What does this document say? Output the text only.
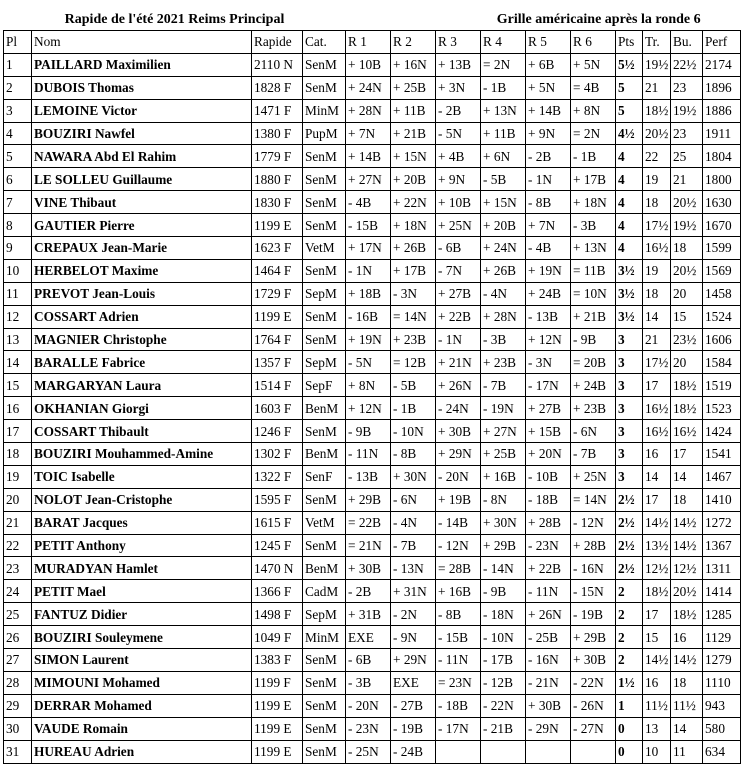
Rapide de l'été 2021 Reims Principal				Grille américaine après la ronde 6									
Pl	Nom	Rapide	Cat.	R 1	R 2	R 3	R 4	R 5	R 6	Pts	Tr.	Bu.	Perf
1	PAILLARD Maximilien	2110 N	SenM	+ 10B	+ 16N	+ 13B	= 2N	+ 6B	+ 5N	5½	19½	22½	2174
2	DUBOIS Thomas	1828 F	SenM	+ 24N	+ 25B	+ 3N	- 1B	+ 5N	= 4B	5	21	23	1896
3	LEMOINE Victor	1471 F	MinM	+ 28N	+ 11B	- 2B	+ 13N	+ 14B	+ 8N	5	18½	19½	1886
4	BOUZIRI Nawfel	1380 F	PupM	+ 7N	+ 21B	- 5N	+ 11B	+ 9N	= 2N	4½	20½	23	1911
5	NAWARA Abd El Rahim	1779 F	SenM	+ 14B	+ 15N	+ 4B	+ 6N	- 2B	- 1B	4	22	25	1804
6	LE SOLLEU Guillaume	1880 F	SenM	+ 27N	+ 20B	+ 9N	- 5B	- 1N	+ 17B	4	19	21	1800
7	VINE Thibaut	1830 F	SenM	- 4B	+ 22N	+ 10B	+ 15N	- 8B	+ 18N	4	18	20½	1630
8	GAUTIER Pierre	1199 E	SenM	- 15B	+ 18N	+ 25N	+ 20B	+ 7N	- 3B	4	17½	19½	1670
9	CREPAUX Jean-Marie	1623 F	VetM	+ 17N	+ 26B	- 6B	+ 24N	- 4B	+ 13N	4	16½	18	1599
10	HERBELOT Maxime	1464 F	SenM	- 1N	+ 17B	- 7N	+ 26B	+ 19N	= 11B	3½	19	20½	1569
11	PREVOT Jean-Louis	1729 F	SepM	+ 18B	- 3N	+ 27B	- 4N	+ 24B	= 10N	3½	18	20	1458
12	COSSART Adrien	1199 E	SenM	- 16B	= 14N	+ 22B	+ 28N	- 13B	+ 21B	3½	14	15	1524
13	MAGNIER Christophe	1764 F	SenM	+ 19N	+ 23B	- 1N	- 3B	+ 12N	- 9B	3	21	23½	1606
14	BARALLE Fabrice	1357 F	SepM	- 5N	= 12B	+ 21N	+ 23B	- 3N	= 20B	3	17½	20	1584
15	MARGARYAN Laura	1514 F	SepF	+ 8N	- 5B	+ 26N	- 7B	- 17N	+ 24B	3	17	18½	1519
16	OKHANIAN Giorgi	1603 F	BenM	+ 12N	- 1B	- 24N	- 19N	+ 27B	+ 23B	3	16½	18½	1523
17	COSSART Thibault	1246 F	SenM	- 9B	- 10N	+ 30B	+ 27N	+ 15B	- 6N	3	16½	16½	1424
18	BOUZIRI Mouhammed-Amine	1302 F	BenM	- 11N	- 8B	+ 29N	+ 25B	+ 20N	- 7B	3	16	17	1541
19	TOIC Isabelle	1322 F	SenF	- 13B	+ 30N	- 20N	+ 16B	- 10B	+ 25N	3	14	14	1467
20	NOLOT Jean-Cristophe	1595 F	SenM	+ 29B	- 6N	+ 19B	- 8N	- 18B	= 14N	2½	17	18	1410
21	BARAT Jacques	1615 F	VetM	= 22B	- 4N	- 14B	+ 30N	+ 28B	- 12N	2½	14½	14½	1272
22	PETIT Anthony	1245 F	SenM	= 21N	- 7B	- 12N	+ 29B	- 23N	+ 28B	2½	13½	14½	1367
23	MURADYAN Hamlet	1470 N	BenM	+ 30B	- 13N	= 28B	- 14N	+ 22B	- 16N	2½	12½	12½	1311
24	PETIT Mael	1366 F	CadM	- 2B	+ 31N	+ 16B	- 9B	- 11N	- 15N	2	18½	20½	1414
25	FANTUZ Didier	1498 F	SepM	+ 31B	- 2N	- 8B	- 18N	+ 26N	- 19B	2	17	18½	1285
26	BOUZIRI Souleymene	1049 F	MinM	EXE	- 9N	- 15B	- 10N	- 25B	+ 29B	2	15	16	1129
27	SIMON Laurent	1383 F	SenM	- 6B	+ 29N	- 11N	- 17B	- 16N	+ 30B	2	14½	14½	1279
28	MIMOUNI Mohamed	1199 F	SenM	- 3B	EXE	= 23N	- 12B	- 21N	- 22N	1½	16	18	1110
29	DERRAR Mohamed	1199 E	SenM	- 20N	- 27B	- 18B	- 22N	+ 30B	- 26N	1	11½	11½	943
30	VAUDE Romain	1199 E	SenM	- 23N	- 19B	- 17N	- 21B	- 29N	- 27N	0	13	14	580
31	HUREAU Adrien	1199 E	SenM	- 25N	- 24B					0	10	11	634
